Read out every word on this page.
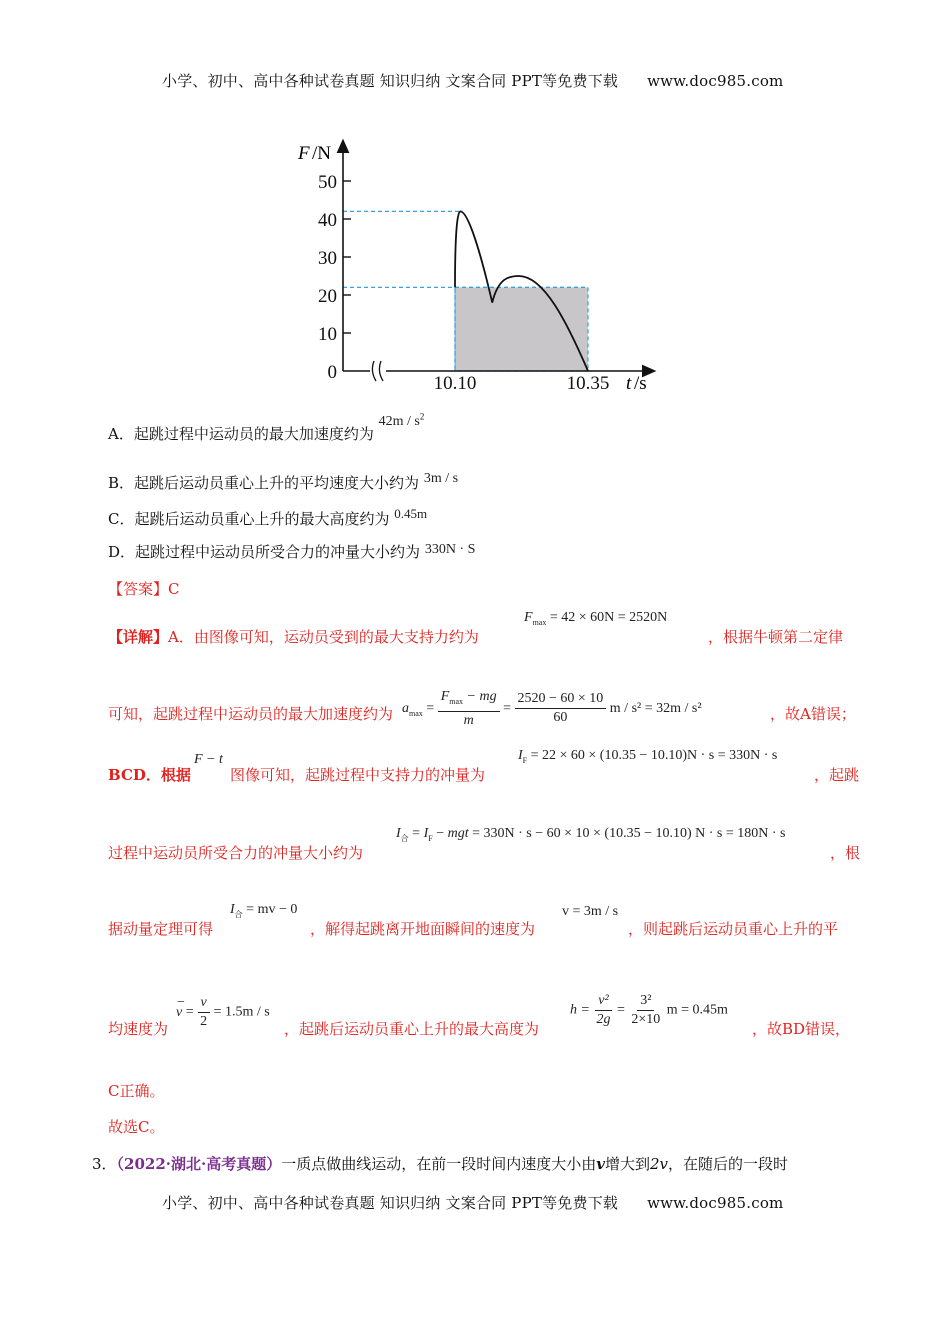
小学、初中、高中各种试卷真题 知识归纳 文案合同 PPT等免费下载 www.doc985.com
50
40
30
20
10
0
10.10	10.35
F /N
t /s
A．起跳过程中运动员的最大加速度约为 $42m / s^2$
B．起跳后运动员重心上升的平均速度大小约为 3m / s
C．起跳后运动员重心上升的最大高度约为 0.45m
D．起跳过程中运动员所受合力的冲量大小约为 330N · S
【答案】C
【详解】A．由图像可知，运动员受到的最大支持力约为
$F_{max} = 42 \times 60N = 2520N$
，根据牛顿第二定律
可知，起跳过程中运动员的最大加速度约为 $a_{max} = \frac{F_{max} - mg}{m} = \frac{2520 - 60 \times 10}{60}$ m / s² = 32m / s²	，故A错误；
BCD．根据
F − t
图像可知，起跳过程中支持力的冲量为
$I_F = 22 \times 60 \times (10.35 - 10.10)N \cdot s = 330N \cdot s$
，起跳
过程中运动员所受合力的冲量大小约为
$I_合 = I_F$ − mgt = 330N · s − 60 × 10 × (10.35 − 10.10) N · s = 180N · s
，根
据动量定理可得
$I_合$ = mv − 0
，解得起跳离开地面瞬间的速度为
v = 3m / s
，则起跳后运动员重心上升的平
均速度为
−
$v = \frac{v}{2} = 1.5m / s$
，起跳后运动员重心上升的最大高度为
$h = \frac{\text{v²}}{2g} = \frac{\text{3²}}{2\times 10}$ m = 0.45m
，故BD错误，
C正确。
故选C。
3．（2022·湖北·高考真题）一质点做曲线运动，在前一段时间内速度大小由v增大到2v，在随后的一段时
小学、初中、高中各种试卷真题 知识归纳 文案合同 PPT等免费下载 www.doc985.com
